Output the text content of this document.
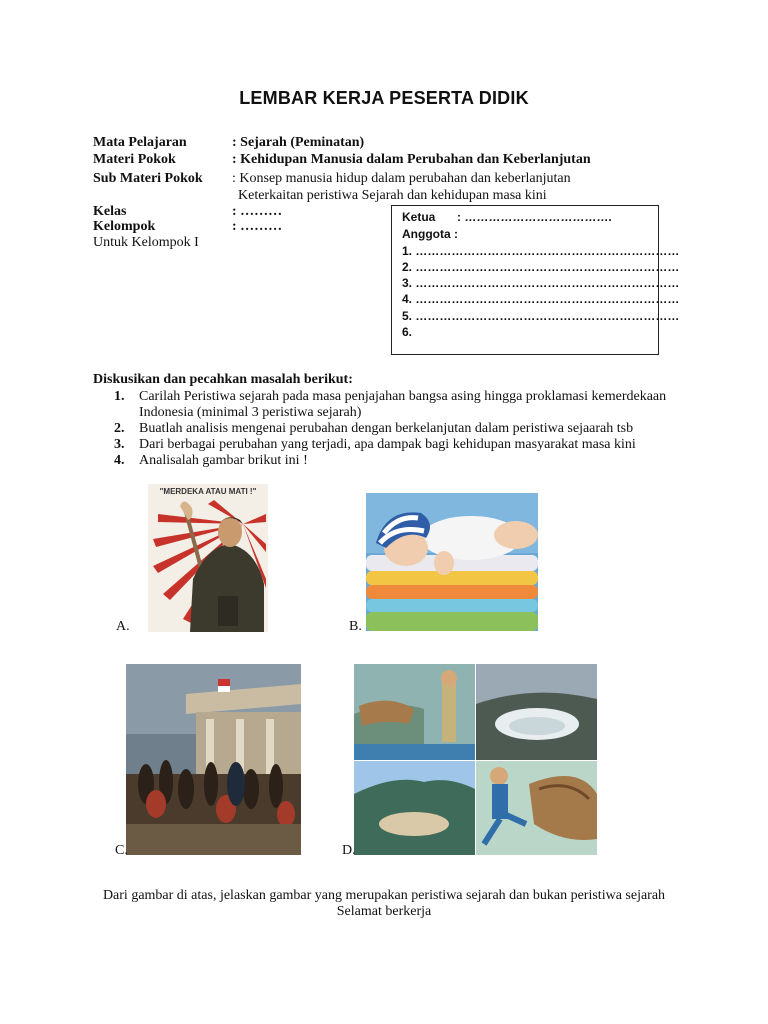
LEMBAR KERJA PESERTA DIDIK
Mata Pelajaran	: Sejarah (Peminatan)
Materi Pokok	: Kehidupan Manusia dalam Perubahan dan Keberlanjutan
Sub Materi Pokok : Konsep manusia hidup dalam perubahan dan keberlanjutan
Keterkaitan peristiwa Sejarah dan kehidupan masa kini
Kelas	: ………
Kelompok	: ………
Untuk Kelompok I
Ketua : ……………………………….
Anggota :
1. …………………………………………………………
2. …………………………………………………………
3. …………………………………………………………
4. …………………………………………………………
5. …………………………………………………………
6.
Diskusikan dan pecahkan masalah berikut:
1. Carilah Peristiwa sejarah pada masa penjajahan bangsa asing hingga proklamasi kemerdekaan Indonesia (minimal 3 peristiwa sejarah)
2. Buatlah analisis mengenai perubahan dengan berkelanjutan dalam peristiwa sejaarah tsb
3. Dari berbagai perubahan yang terjadi, apa dampak bagi kehidupan masyarakat masa kini
4. Analisalah gambar brikut ini !
"MERDEKA ATAU MATI !"
A.	B.
C.	D.
Dari gambar di atas, jelaskan gambar yang merupakan peristiwa sejarah dan bukan peristiwa sejarah
Selamat berkerja
